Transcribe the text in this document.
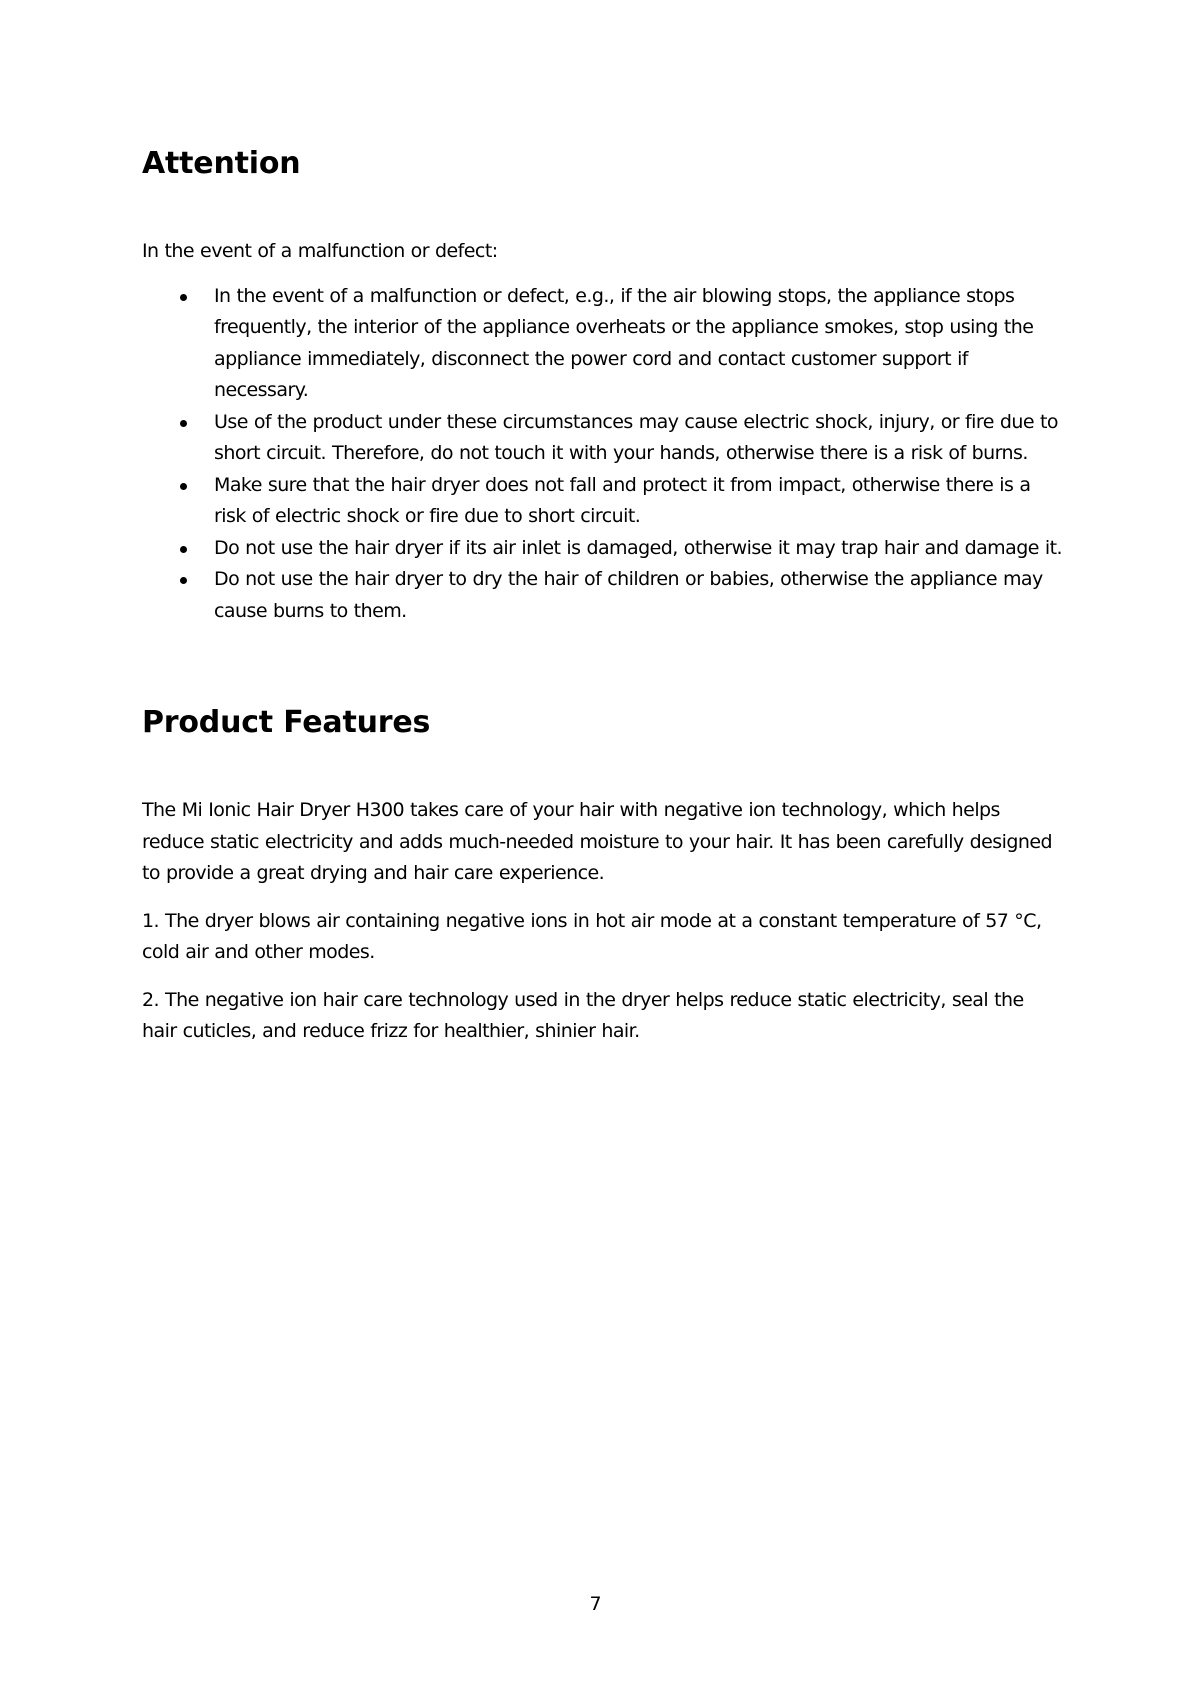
Attention

In the event of a malfunction or defect:

In the event of a malfunction or defect, e.g., if the air blowing stops, the appliance stops frequently, the interior of the appliance overheats or the appliance smokes, stop using the appliance immediately, disconnect the power cord and contact customer support if necessary.
Use of the product under these circumstances may cause electric shock, injury, or fire due to short circuit. Therefore, do not touch it with your hands, otherwise there is a risk of burns.
Make sure that the hair dryer does not fall and protect it from impact, otherwise there is a risk of electric shock or fire due to short circuit.
Do not use the hair dryer if its air inlet is damaged, otherwise it may trap hair and damage it.
Do not use the hair dryer to dry the hair of children or babies, otherwise the appliance may cause burns to them.
Product Features

The Mi Ionic Hair Dryer H300 takes care of your hair with negative ion technology, which helps reduce static electricity and adds much-needed moisture to your hair. It has been carefully designed to provide a great drying and hair care experience.

1. The dryer blows air containing negative ions in hot air mode at a constant temperature of 57 °C, cold air and other modes.

2. The negative ion hair care technology used in the dryer helps reduce static electricity, seal the hair cuticles, and reduce frizz for healthier, shinier hair.

7
